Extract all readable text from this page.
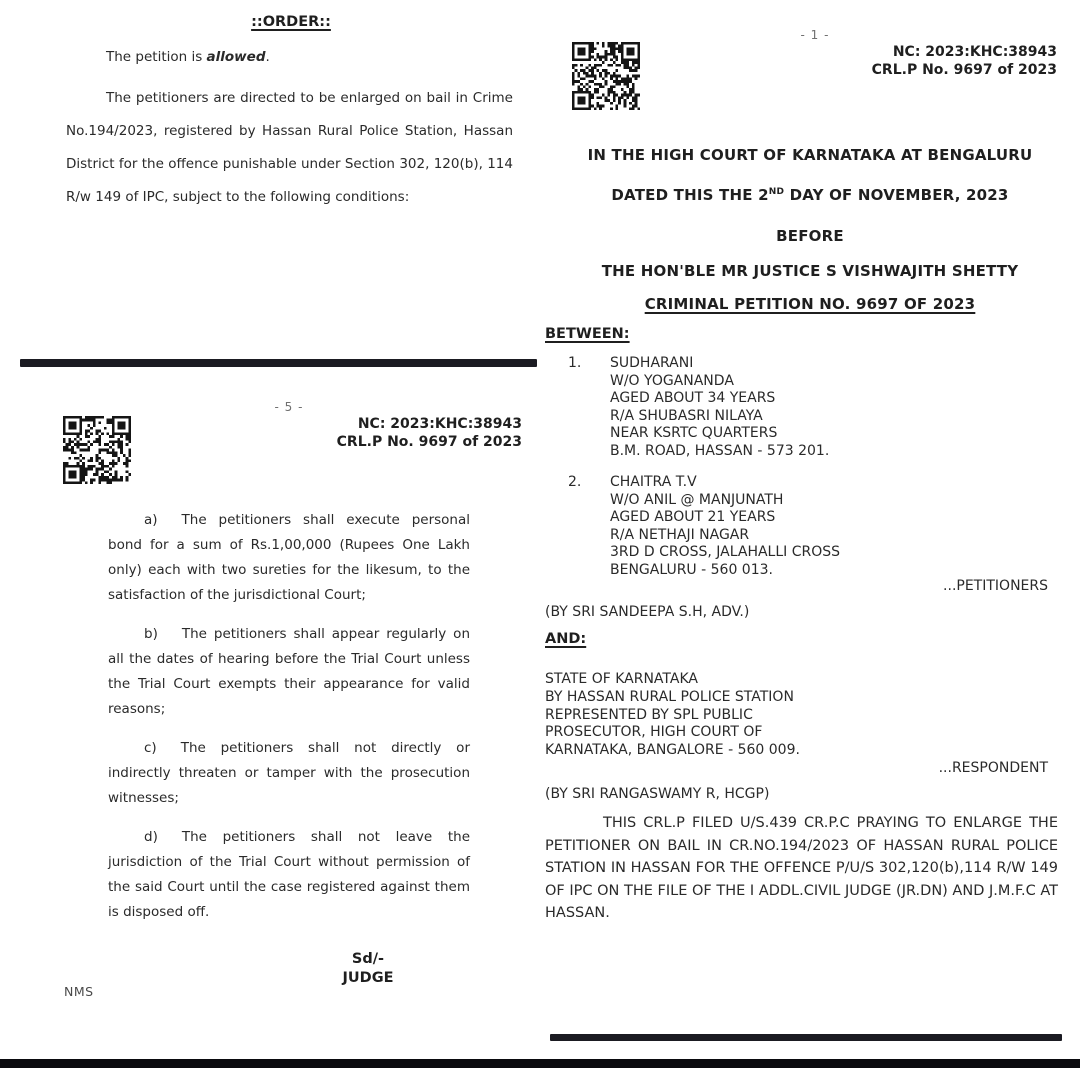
::ORDER::
The petition is allowed.
The petitioners are directed to be enlarged on bail in Crime No.194/2023, registered by Hassan Rural Police Station, Hassan District for the offence punishable under Section 302, 120(b), 114 R/w 149 of IPC, subject to the following conditions:
- 5 -
NC: 2023:KHC:38943
CRL.P No. 9697 of 2023

a) The petitioners shall execute personal bond for a sum of Rs.1,00,000 (Rupees One Lakh only) each with two sureties for the likesum, to the satisfaction of the jurisdictional Court;

b) The petitioners shall appear regularly on all the dates of hearing before the Trial Court unless the Trial Court exempts their appearance for valid reasons;

c) The petitioners shall not directly or indirectly threaten or tamper with the prosecution witnesses;

d) The petitioners shall not leave the jurisdiction of the Trial Court without permission of the said Court until the case registered against them is disposed off.

Sd/-
JUDGE
NMS
- 1 -
NC: 2023:KHC:38943
CRL.P No. 9697 of 2023
IN THE HIGH COURT OF KARNATAKA AT BENGALURU
DATED THIS THE 2ND DAY OF NOVEMBER, 2023
BEFORE
THE HON'BLE MR JUSTICE S VISHWAJITH SHETTY
CRIMINAL PETITION NO. 9697 OF 2023
BETWEEN:
1.	SUDHARANI
W/O YOGANANDA
AGED ABOUT 34 YEARS
R/A SHUBASRI NILAYA
NEAR KSRTC QUARTERS
B.M. ROAD, HASSAN - 573 201.
2.	CHAITRA T.V
W/O ANIL @ MANJUNATH
AGED ABOUT 21 YEARS
R/A NETHAJI NAGAR
3RD D CROSS, JALAHALLI CROSS
BENGALURU - 560 013.
...PETITIONERS
(BY SRI SANDEEPA S.H, ADV.)
AND:
STATE OF KARNATAKA
BY HASSAN RURAL POLICE STATION
REPRESENTED BY SPL PUBLIC
PROSECUTOR, HIGH COURT OF
KARNATAKA, BANGALORE - 560 009.
...RESPONDENT
(BY SRI RANGASWAMY R, HCGP)
THIS CRL.P FILED U/S.439 CR.P.C PRAYING TO ENLARGE THE PETITIONER ON BAIL IN CR.NO.194/2023 OF HASSAN RURAL POLICE STATION IN HASSAN FOR THE OFFENCE P/U/S 302,120(b),114 R/W 149 OF IPC ON THE FILE OF THE I ADDL.CIVIL JUDGE (JR.DN) AND J.M.F.C AT HASSAN.
